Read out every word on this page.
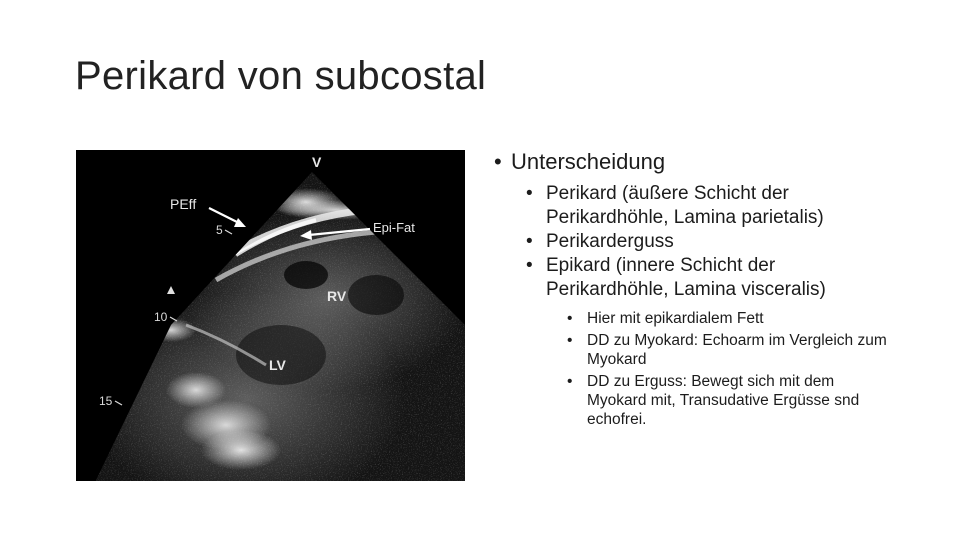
Perikard von subcostal
V
5
10
15
PEff
Epi-Fat
RV
LV
• Unterscheidung
• Perikard (äußere Schicht der Perikardhöhle, Lamina parietalis)
• Perikarderguss
• Epikard (innere Schicht der Perikardhöhle, Lamina visceralis)
• Hier mit epikardialem Fett
• DD zu Myokard: Echoarm im Vergleich zum Myokard
• DD zu Erguss: Bewegt sich mit dem Myokard mit, Transudative Ergüsse snd echofrei.
